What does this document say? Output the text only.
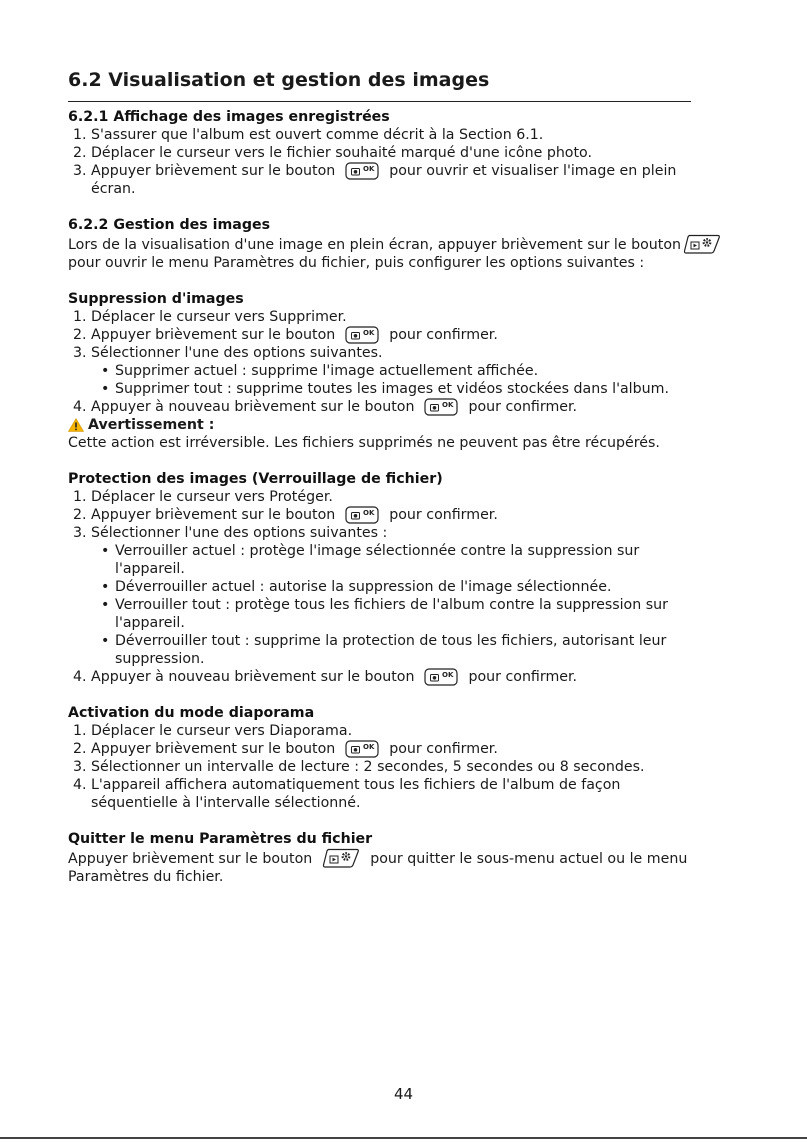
6.2 Visualisation et gestion des images
6.2.1 Affichage des images enregistrées
1. S'assurer que l'album est ouvert comme décrit à la Section 6.1.
2. Déplacer le curseur vers le fichier souhaité marqué d'une icône photo.
3. Appuyer brièvement sur le bouton	pour ouvrir et visualiser l'image en plein
écran.
6.2.2 Gestion des images
Lors de la visualisation d'une image en plein écran, appuyer brièvement sur le bouton
pour ouvrir le menu Paramètres du fichier, puis configurer les options suivantes :
Suppression d'images
1. Déplacer le curseur vers Supprimer.
2. Appuyer brièvement sur le bouton	pour confirmer.
3. Sélectionner l'une des options suivantes.
• Supprimer actuel : supprime l'image actuellement affichée.
• Supprimer tout : supprime toutes les images et vidéos stockées dans l'album.
4. Appuyer à nouveau brièvement sur le bouton	pour confirmer.
Avertissement :
Cette action est irréversible. Les fichiers supprimés ne peuvent pas être récupérés.
Protection des images (Verrouillage de fichier)
1. Déplacer le curseur vers Protéger.
2. Appuyer brièvement sur le bouton	pour confirmer.
3. Sélectionner l'une des options suivantes :
• Verrouiller actuel : protège l'image sélectionnée contre la suppression sur
l'appareil.
• Déverrouiller actuel : autorise la suppression de l'image sélectionnée.
• Verrouiller tout : protège tous les fichiers de l'album contre la suppression sur
l'appareil.
• Déverrouiller tout : supprime la protection de tous les fichiers, autorisant leur
suppression.
4. Appuyer à nouveau brièvement sur le bouton	pour confirmer.
Activation du mode diaporama
1. Déplacer le curseur vers Diaporama.
2. Appuyer brièvement sur le bouton	pour confirmer.
3. Sélectionner un intervalle de lecture : 2 secondes, 5 secondes ou 8 secondes.
4. L'appareil affichera automatiquement tous les fichiers de l'album de façon
séquentielle à l'intervalle sélectionné.
Quitter le menu Paramètres du fichier
Appuyer brièvement sur le bouton	pour quitter le sous-menu actuel ou le menu
Paramètres du fichier.
44
